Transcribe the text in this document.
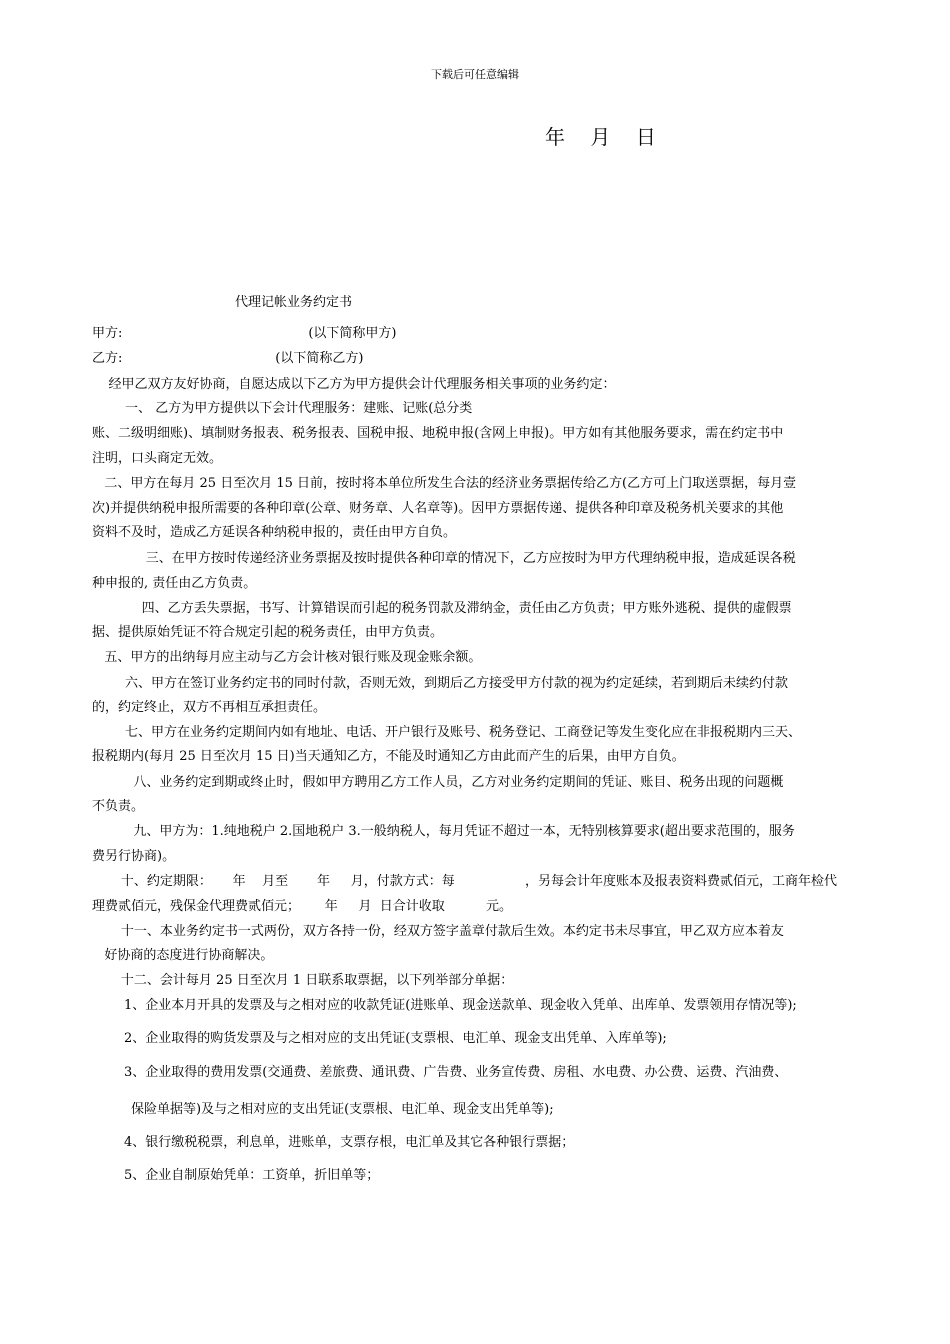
下载后可任意编辑
年    月    日
代理记帐业务约定书
甲方:                                             (以下简称甲方)
乙方:                                     (以下简称乙方)
经甲乙双方友好协商，自愿达成以下乙方为甲方提供会计代理服务相关事项的业务约定：
一、 乙方为甲方提供以下会计代理服务：建账、记账(总分类
账、二级明细账)、填制财务报表、税务报表、国税申报、地税申报(含网上申报)。甲方如有其他服务要求，需在约定书中
注明，口头商定无效。
二、甲方在每月 25 日至次月 15 日前，按时将本单位所发生合法的经济业务票据传给乙方(乙方可上门取送票据，每月壹
次)并提供纳税申报所需要的各种印章(公章、财务章、人名章等)。因甲方票据传递、提供各种印章及税务机关要求的其他
资料不及时，造成乙方延误各种纳税申报的，责任由甲方自负。
三、在甲方按时传递经济业务票据及按时提供各种印章的情况下，乙方应按时为甲方代理纳税申报，造成延误各税
种申报的, 责任由乙方负责。
四、乙方丢失票据，书写、计算错误而引起的税务罚款及滞纳金，责任由乙方负责；甲方账外逃税、提供的虚假票
据、提供原始凭证不符合规定引起的税务责任，由甲方负责。
五、甲方的出纳每月应主动与乙方会计核对银行账及现金账余额。
六、甲方在签订业务约定书的同时付款，否则无效，到期后乙方接受甲方付款的视为约定延续，若到期后未续约付款
的，约定终止，双方不再相互承担责任。
七、甲方在业务约定期间内如有地址、电话、开户银行及账号、税务登记、工商登记等发生变化应在非报税期内三天、
报税期内(每月 25 日至次月 15 日)当天通知乙方，不能及时通知乙方由此而产生的后果，由甲方自负。
八、业务约定到期或终止时，假如甲方聘用乙方工作人员，乙方对业务约定期间的凭证、账目、税务出现的问题概
不负责。
九、甲方为：1.纯地税户 2.国地税户 3.一般纳税人，每月凭证不超过一本，无特别核算要求(超出要求范围的，服务
费另行协商)。
十、约定期限：     年    月至       年     月，付款方式：每                 ，另每会计年度账本及报表资料费贰佰元，工商年检代
理费贰佰元，残保金代理费贰佰元；      年     月  日合计收取          元。
十一、本业务约定书一式两份，双方各持一份，经双方签字盖章付款后生效。本约定书未尽事宜，甲乙双方应本着友
好协商的态度进行协商解决。
十二、会计每月 25 日至次月 1 日联系取票据，以下列举部分单据：
1、企业本月开具的发票及与之相对应的收款凭证(进账单、现金送款单、现金收入凭单、出库单、发票领用存情况等);
2、企业取得的购货发票及与之相对应的支出凭证(支票根、电汇单、现金支出凭单、入库单等);
3、企业取得的费用发票(交通费、差旅费、通讯费、广告费、业务宣传费、房租、水电费、办公费、运费、汽油费、
保险单据等)及与之相对应的支出凭证(支票根、电汇单、现金支出凭单等);
4、银行缴税税票，利息单，进账单，支票存根，电汇单及其它各种银行票据；
5、企业自制原始凭单：工资单，折旧单等；
